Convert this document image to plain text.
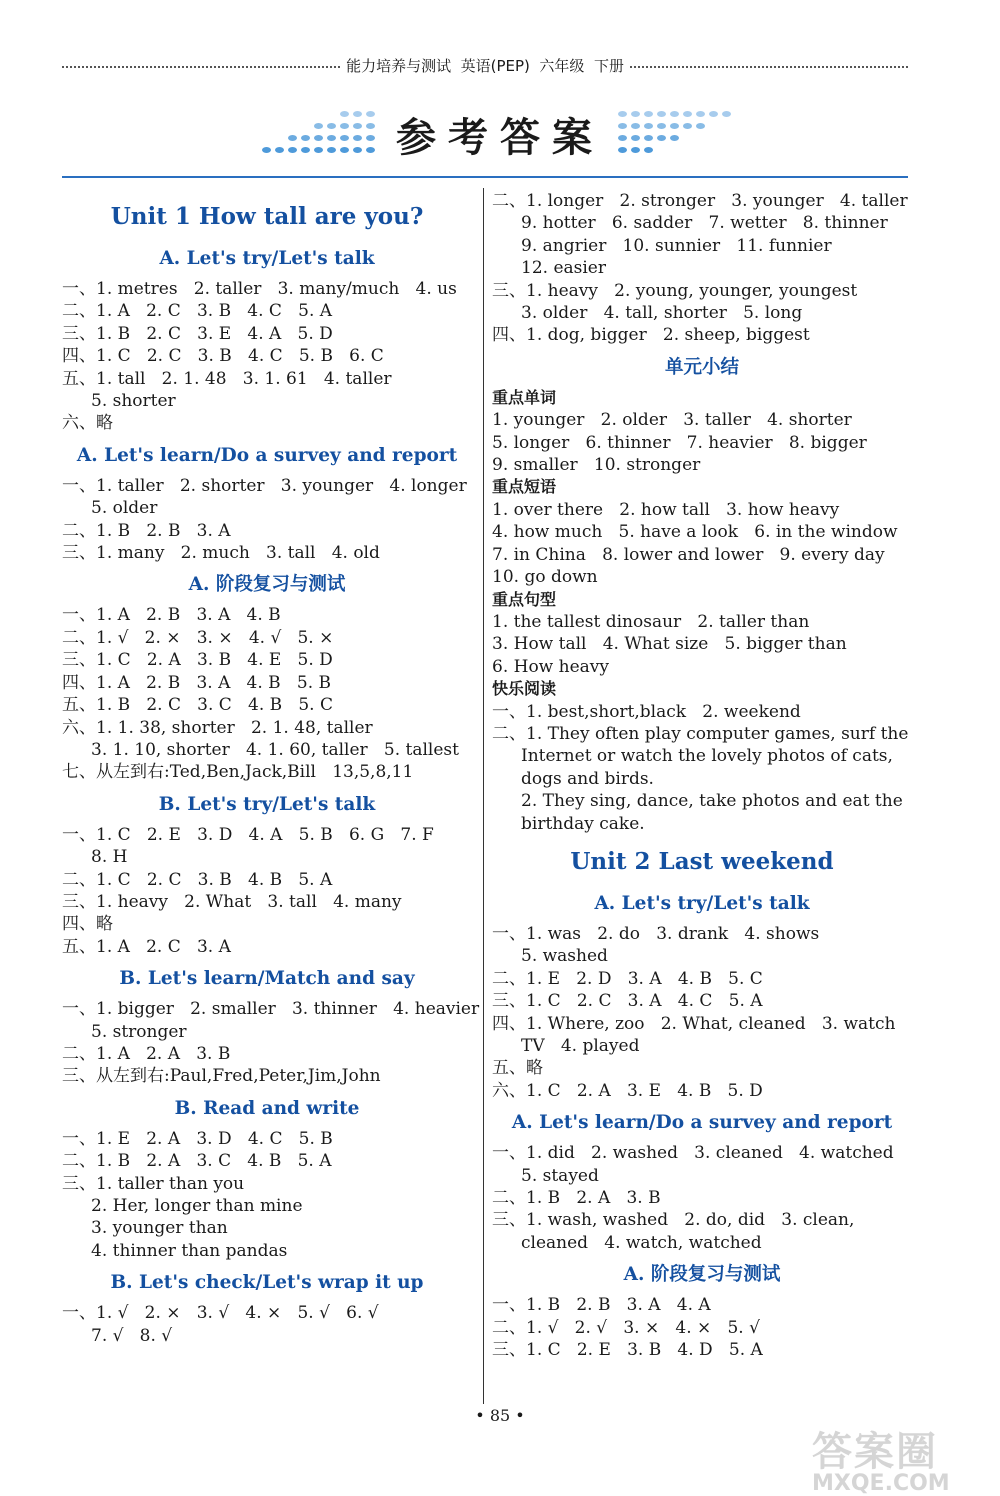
能力培养与测试  英语(PEP)  六年级  下册
参考答案
Unit 1 How tall are you?
A. Let's try/Let's talk
一、1. metres   2. taller   3. many/much   4. us
二、1. A   2. C   3. B   4. C   5. A
三、1. B   2. C   3. E   4. A   5. D
四、1. C   2. C   3. B   4. C   5. B   6. C
五、1. tall   2. 1. 48   3. 1. 61   4. taller
5. shorter
六、略
A. Let's learn/Do a survey and report
一、1. taller   2. shorter   3. younger   4. longer
5. older
二、1. B   2. B   3. A
三、1. many   2. much   3. tall   4. old
A. 阶段复习与测试
一、1. A   2. B   3. A   4. B
二、1. √   2. ×   3. ×   4. √   5. ×
三、1. C   2. A   3. B   4. E   5. D
四、1. A   2. B   3. A   4. B   5. B
五、1. B   2. C   3. C   4. B   5. C
六、1. 1. 38, shorter   2. 1. 48, taller
3. 1. 10, shorter   4. 1. 60, taller   5. tallest
七、从左到右:Ted,Ben,Jack,Bill   13,5,8,11
B. Let's try/Let's talk
一、1. C   2. E   3. D   4. A   5. B   6. G   7. F
8. H
二、1. C   2. C   3. B   4. B   5. A
三、1. heavy   2. What   3. tall   4. many
四、略
五、1. A   2. C   3. A
B. Let's learn/Match and say
一、1. bigger   2. smaller   3. thinner   4. heavier
5. stronger
二、1. A   2. A   3. B
三、从左到右:Paul,Fred,Peter,Jim,John
B. Read and write
一、1. E   2. A   3. D   4. C   5. B
二、1. B   2. A   3. C   4. B   5. A
三、1. taller than you
2. Her, longer than mine
3. younger than
4. thinner than pandas
B. Let's check/Let's wrap it up
一、1. √   2. ×   3. √   4. ×   5. √   6. √
7. √   8. √
二、1. longer   2. stronger   3. younger   4. taller
9. hotter   6. sadder   7. wetter   8. thinner
9. angrier   10. sunnier   11. funnier
12. easier
三、1. heavy   2. young, younger, youngest
3. older   4. tall, shorter   5. long
四、1. dog, bigger   2. sheep, biggest
单元小结
重点单词
1. younger   2. older   3. taller   4. shorter
5. longer   6. thinner   7. heavier   8. bigger
9. smaller   10. stronger
重点短语
1. over there   2. how tall   3. how heavy
4. how much   5. have a look   6. in the window
7. in China   8. lower and lower   9. every day
10. go down
重点句型
1. the tallest dinosaur   2. taller than
3. How tall   4. What size   5. bigger than
6. How heavy
快乐阅读
一、1. best,short,black   2. weekend
二、1. They often play computer games, surf the
Internet or watch the lovely photos of cats,
dogs and birds.
2. They sing, dance, take photos and eat the
birthday cake.
Unit 2 Last weekend
A. Let's try/Let's talk
一、1. was   2. do   3. drank   4. shows
5. washed
二、1. E   2. D   3. A   4. B   5. C
三、1. C   2. C   3. A   4. C   5. A
四、1. Where, zoo   2. What, cleaned   3. watch
TV   4. played
五、略
六、1. C   2. A   3. E   4. B   5. D
A. Let's learn/Do a survey and report
一、1. did   2. washed   3. cleaned   4. watched
5. stayed
二、1. B   2. A   3. B
三、1. wash, washed   2. do, did   3. clean,
cleaned   4. watch, watched
A. 阶段复习与测试
一、1. B   2. B   3. A   4. A
二、1. √   2. √   3. ×   4. ×   5. √
三、1. C   2. E   3. B   4. D   5. A
• 85 •
答案圈
MXQE.COM
